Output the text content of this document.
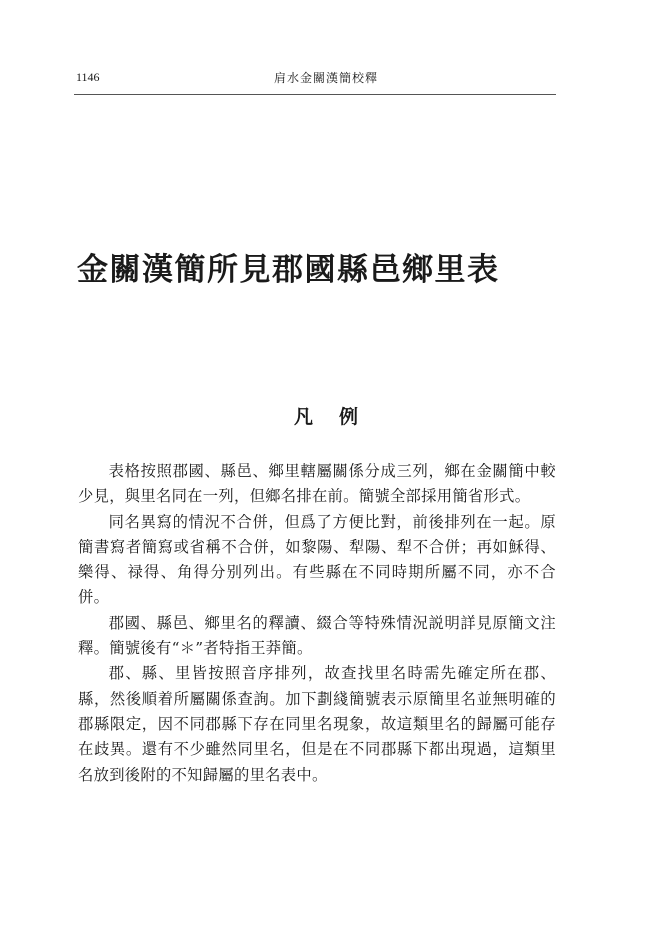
1146	肩水金關漢簡校釋
金關漢簡所見郡國縣邑鄉里表
凡 例

表格按照郡國、縣邑、鄉里轄屬關係分成三列，鄉在金關簡中較少見，與里名同在一列，但鄉名排在前。簡號全部採用簡省形式。

同名異寫的情況不合併，但爲了方便比對，前後排列在一起。原簡書寫者簡寫或省稱不合併，如黎陽、犁陽、犁不合併；再如穌得、樂得、禄得、角得分别列出。有些縣在不同時期所屬不同，亦不合併。

郡國、縣邑、鄉里名的釋讀、綴合等特殊情況説明詳見原簡文注釋。簡號後有“＊”者特指王莽簡。

郡、縣、里皆按照音序排列，故查找里名時需先確定所在郡、縣，然後順着所屬關係查詢。加下劃綫簡號表示原簡里名並無明確的郡縣限定，因不同郡縣下存在同里名現象，故這類里名的歸屬可能存在歧異。還有不少雖然同里名，但是在不同郡縣下都出現過，這類里名放到後附的不知歸屬的里名表中。
